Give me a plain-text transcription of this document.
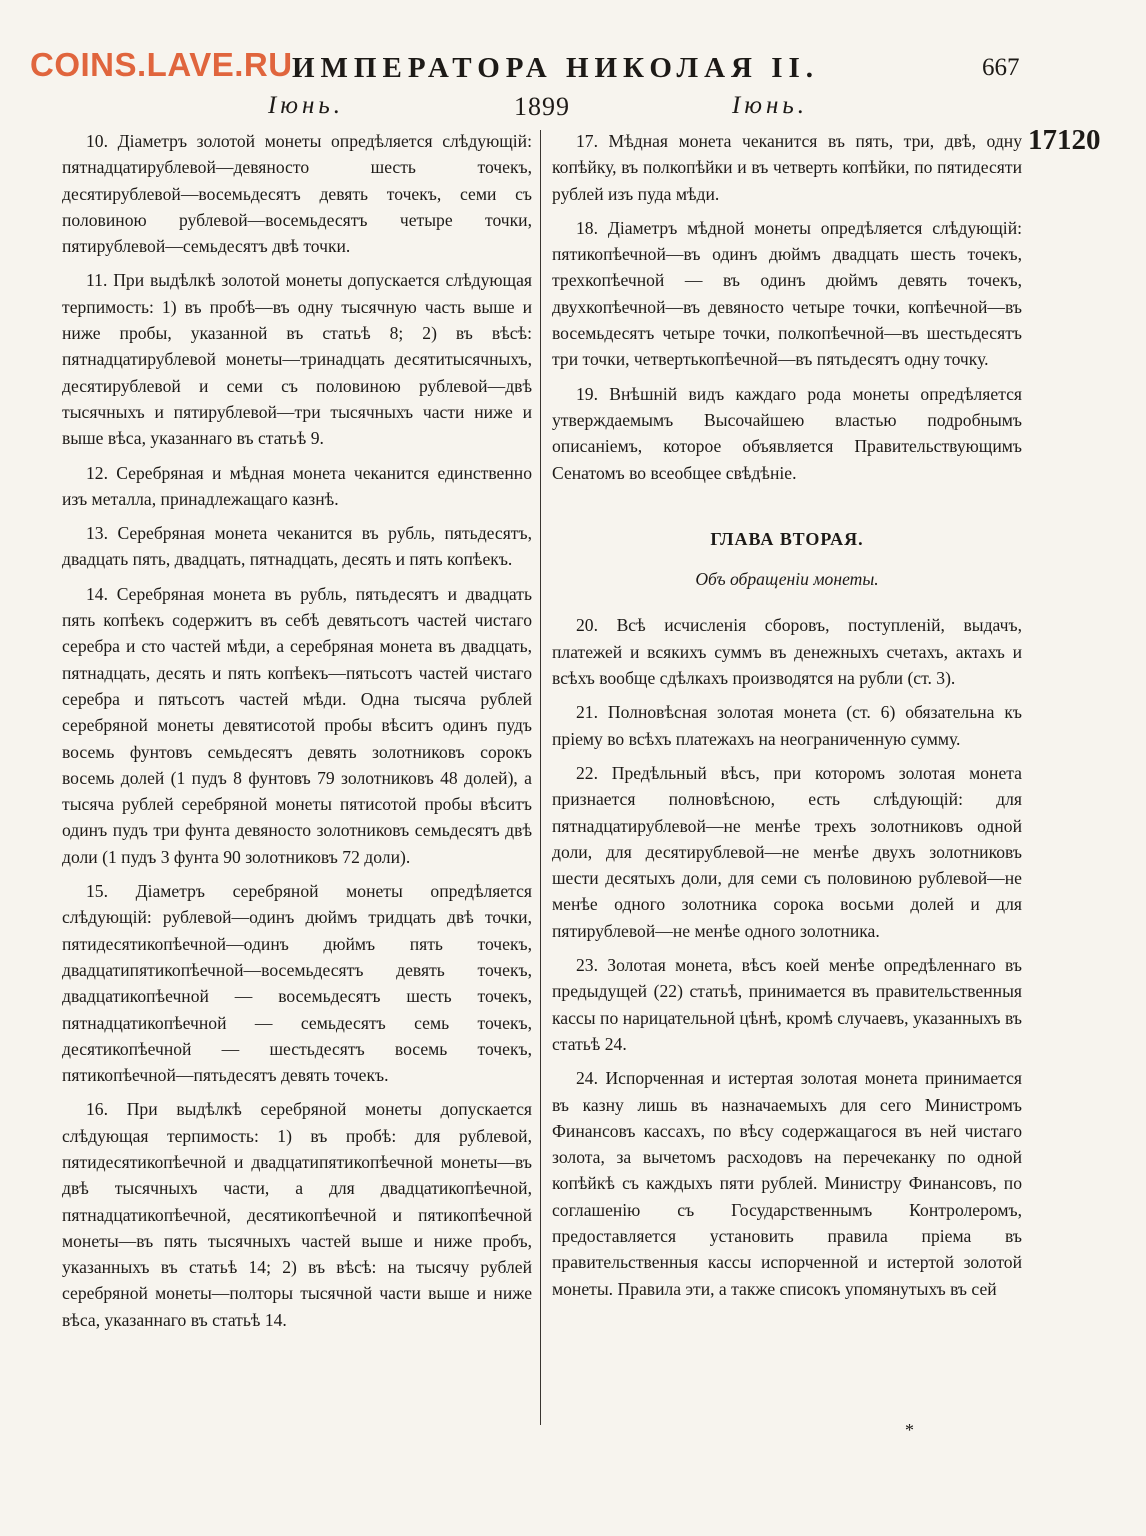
COINS.LAVE.RU ИМПЕРАТОРА НИКОЛАЯ II.	667
Іюнь.	1899	Іюнь.
17120

10. Діаметръ золотой монеты опредѣляется слѣдующій: пятнадцатирублевой—девяносто шесть точекъ, десятирублевой—восемьдесятъ девять точекъ, семи съ половиною рублевой—восемьдесятъ четыре точки, пятирублевой—семьдесятъ двѣ точки.

11. При выдѣлкѣ золотой монеты допускается слѣдующая терпимость: 1) въ пробѣ—въ одну тысячную часть выше и ниже пробы, указанной въ статьѣ 8; 2) въ вѣсѣ: пятнадцатирублевой монеты—тринадцать десятитысячныхъ, десятирублевой и семи съ половиною рублевой—двѣ тысячныхъ и пятирублевой—три тысячныхъ части ниже и выше вѣса, указаннаго въ статьѣ 9.

12. Серебряная и мѣдная монета чеканится единственно изъ металла, принадлежащаго казнѣ.

13. Серебряная монета чеканится въ рубль, пятьдесятъ, двадцать пять, двадцать, пятнадцать, десять и пять копѣекъ.

14. Серебряная монета въ рубль, пятьдесятъ и двадцать пять копѣекъ содержитъ въ себѣ девятьсотъ частей чистаго серебра и сто частей мѣди, а серебряная монета въ двадцать, пятнадцать, десять и пять копѣекъ—пятьсотъ частей чистаго серебра и пятьсотъ частей мѣди. Одна тысяча рублей серебряной монеты девятисотой пробы вѣситъ одинъ пудъ восемь фунтовъ семьдесятъ девять золотниковъ сорокъ восемь долей (1 пудъ 8 фунтовъ 79 золотниковъ 48 долей), а тысяча рублей серебряной монеты пятисотой пробы вѣситъ одинъ пудъ три фунта девяносто золотниковъ семьдесятъ двѣ доли (1 пудъ 3 фунта 90 золотниковъ 72 доли).

15. Діаметръ серебряной монеты опредѣляется слѣдующій: рублевой—одинъ дюймъ тридцать двѣ точки, пятидесятикопѣечной—одинъ дюймъ пять точекъ, двадцатипятикопѣечной—восемьдесятъ девять точекъ, двадцатикопѣечной — восемьдесятъ шесть точекъ, пятнадцатикопѣечной — семьдесятъ семь точекъ, десятикопѣечной — шестьдесятъ восемь точекъ, пятикопѣечной—пятьдесятъ девять точекъ.

16. При выдѣлкѣ серебряной монеты допускается слѣдующая терпимость: 1) въ пробѣ: для рублевой, пятидесятикопѣечной и двадцатипятикопѣечной монеты—въ двѣ тысячныхъ части, а для двадцатикопѣечной, пятнадцатикопѣечной, десятикопѣечной и пятикопѣечной монеты—въ пять тысячныхъ частей выше и ниже пробъ, указанныхъ въ статьѣ 14; 2) въ вѣсѣ: на тысячу рублей серебряной монеты—полторы тысячной части выше и ниже вѣса, указаннаго въ статьѣ 14.

17. Мѣдная монета чеканится въ пять, три, двѣ, одну копѣйку, въ полкопѣйки и въ четверть копѣйки, по пятидесяти рублей изъ пуда мѣди.

18. Діаметръ мѣдной монеты опредѣляется слѣдующій: пятикопѣечной—въ одинъ дюймъ двадцать шесть точекъ, трехкопѣечной — въ одинъ дюймъ девять точекъ, двухкопѣечной—въ девяносто четыре точки, копѣечной—въ восемьдесятъ четыре точки, полкопѣечной—въ шестьдесятъ три точки, четвертькопѣечной—въ пятьдесятъ одну точку.

19. Внѣшній видъ каждаго рода монеты опредѣляется утверждаемымъ Высочайшею властью подробнымъ описаніемъ, которое объявляется Правительствующимъ Сенатомъ во всеобщее свѣдѣніе.

ГЛАВА ВТОРАЯ.

Объ обращеніи монеты.

20. Всѣ исчисленія сборовъ, поступленій, выдачъ, платежей и всякихъ суммъ въ денежныхъ счетахъ, актахъ и всѣхъ вообще сдѣлкахъ производятся на рубли (ст. 3).

21. Полновѣсная золотая монета (ст. 6) обязательна къ пріему во всѣхъ платежахъ на неограниченную сумму.

22. Предѣльный вѣсъ, при которомъ золотая монета признается полновѣсною, есть слѣдующій: для пятнадцатирублевой—не менѣе трехъ золотниковъ одной доли, для десятирублевой—не менѣе двухъ золотниковъ шести десятыхъ доли, для семи съ половиною рублевой—не менѣе одного золотника сорока восьми долей и для пятирублевой—не менѣе одного золотника.

23. Золотая монета, вѣсъ коей менѣе опредѣленнаго въ предыдущей (22) статьѣ, принимается въ правительственныя кассы по нарицательной цѣнѣ, кромѣ случаевъ, указанныхъ въ статьѣ 24.

24. Испорченная и истертая золотая монета принимается въ казну лишь въ назначаемыхъ для сего Министромъ Финансовъ кассахъ, по вѣсу содержащагося въ ней чистаго золота, за вычетомъ расходовъ на перечеканку по одной копѣйкѣ съ каждыхъ пяти рублей. Министру Финансовъ, по соглашенію съ Государственнымъ Контролеромъ, предоставляется установить правила пріема въ правительственныя кассы испорченной и истертой золотой монеты. Правила эти, а также списокъ упомянутыхъ въ сей

*
